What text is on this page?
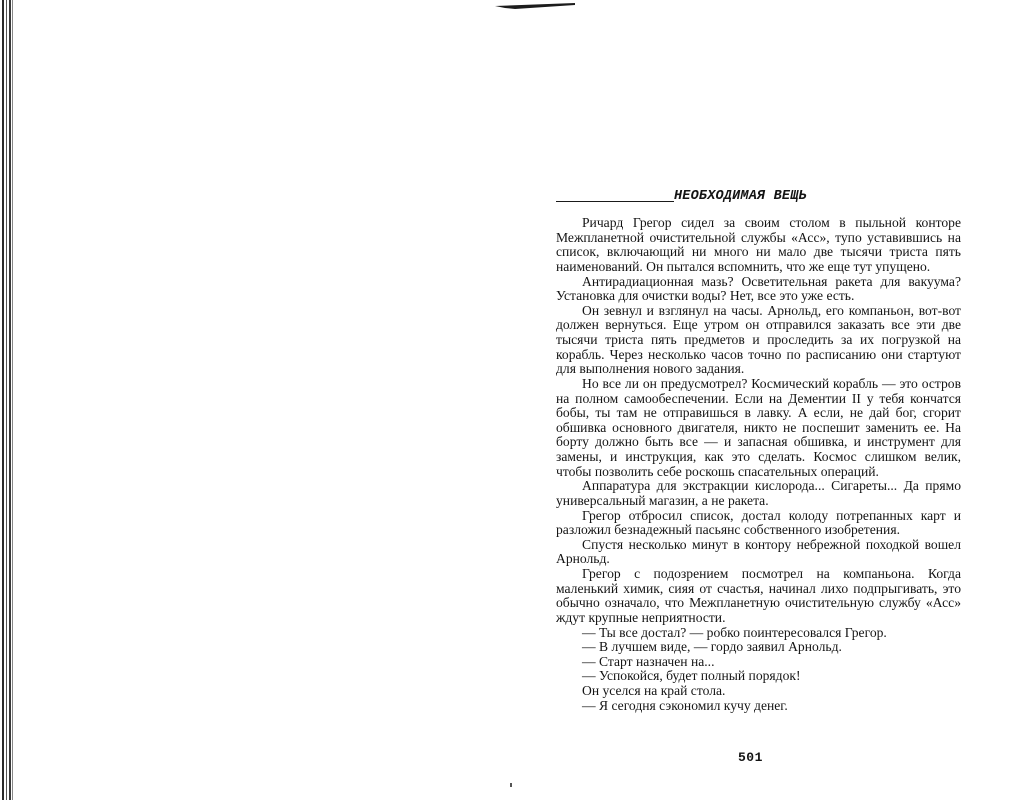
НЕОБХОДИМАЯ ВЕЩЬ

Ричард Грегор сидел за своим столом в пыльной конторе Межпланетной очистительной службы «Асс», тупо уставившись на список, включающий ни много ни мало две тысячи триста пять наименований. Он пытался вспомнить, что же еще тут упущено.

Антирадиационная мазь? Осветительная ракета для вакуума? Установка для очистки воды? Нет, все это уже есть.

Он зевнул и взглянул на часы. Арнольд, его компаньон, вот-вот должен вернуться. Еще утром он отправился заказать все эти две тысячи триста пять предметов и проследить за их погрузкой на корабль. Через несколько часов точно по расписанию они стартуют для выполнения нового задания.

Но все ли он предусмотрел? Космический корабль — это остров на полном самообеспечении. Если на Дементии II у тебя кончатся бобы, ты там не отправишься в лавку. А если, не дай бог, сгорит обшивка основного двигателя, никто не поспешит заменить ее. На борту должно быть все — и запасная обшивка, и инструмент для замены, и инструкция, как это сделать. Космос слишком велик, чтобы позволить себе роскошь спасательных операций.

Аппаратура для экстракции кислорода... Сигареты... Да прямо универсальный магазин, а не ракета.

Грегор отбросил список, достал колоду потрепанных карт и разложил безнадежный пасьянс собственного изобретения.

Спустя несколько минут в контору небрежной походкой вошел Арнольд.

Грегор с подозрением посмотрел на компаньона. Когда маленький химик, сияя от счастья, начинал лихо подпрыгивать, это обычно означало, что Межпланетную очистительную службу «Асс» ждут крупные неприятности.

— Ты все достал? — робко поинтересовался Грегор.

— В лучшем виде, — гордо заявил Арнольд.

— Старт назначен на...

— Успокойся, будет полный порядок!

Он уселся на край стола.

— Я сегодня сэкономил кучу денег.

501
